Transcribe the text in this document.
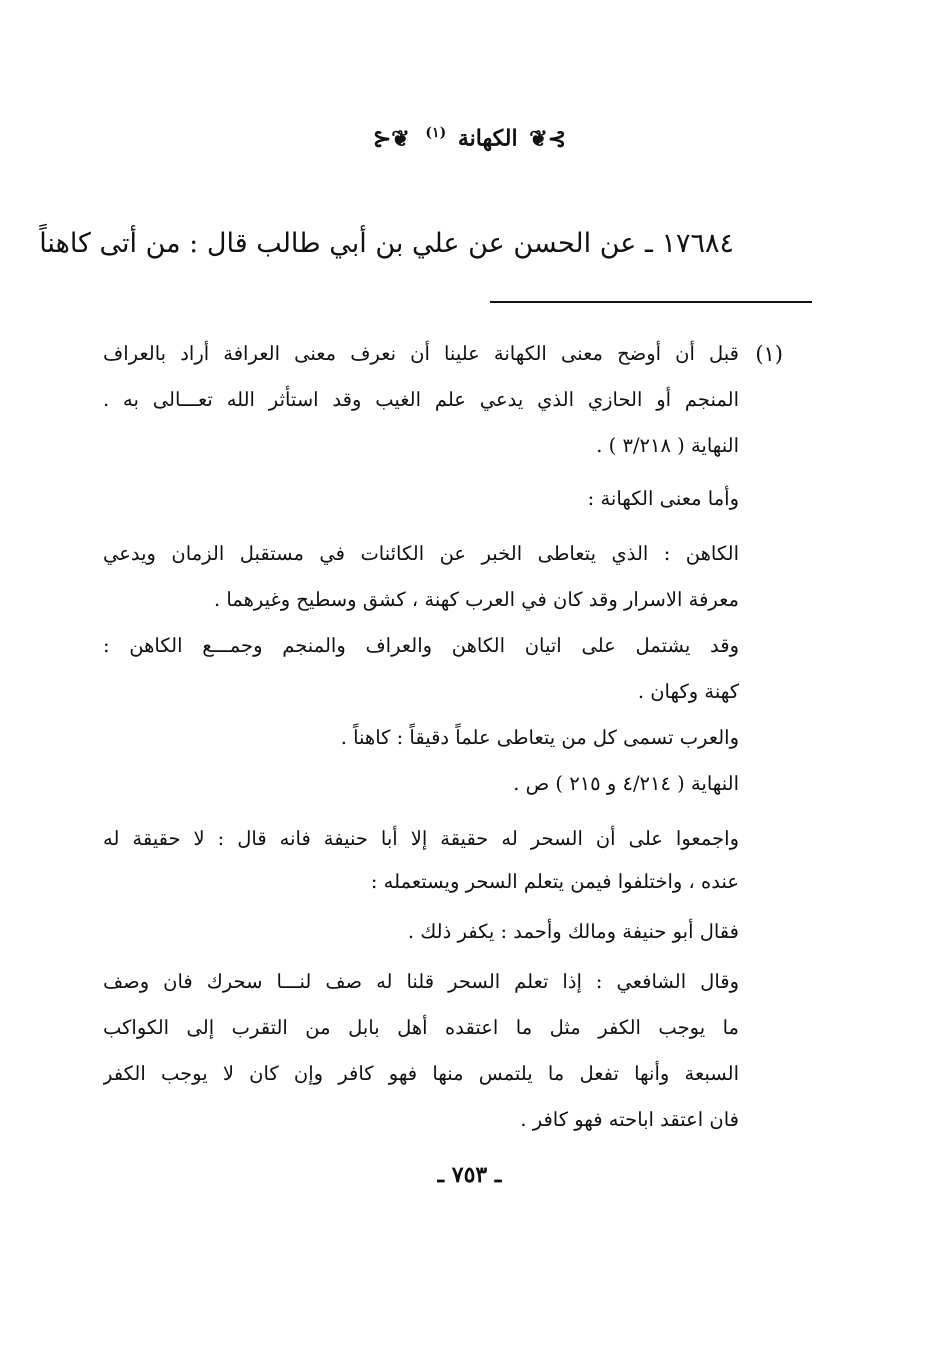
⊱❦ الكهانة $^{(١)}$ ❦⊰
١٧٦٨٤ ـ عن الحسن عن علي بن أبي طالب قال : من أتى كاهناً
(١)
قبل أن أوضح معنى الكهانة علينا أن نعرف معنى العرافة أراد بالعراف
المنجم أو الحازي الذي يدعي علم الغيب وقد استأثر الله تعـــالى به .
النهاية ( ٣/٢١٨ ) .
وأما معنى الكهانة :
الكاهن : الذي يتعاطى الخبر عن الكائنات في مستقبل الزمان ويدعي
معرفة الاسرار وقد كان في العرب كهنة ، كشق وسطيح وغيرهما .
وقد يشتمل على اتيان الكاهن والعراف والمنجم وجمـــع الكاهن :
كهنة وكهان .
والعرب تسمى كل من يتعاطى علماً دقيقاً : كاهناً .
النهاية ( ٤/٢١٤ و ٢١٥ ) ص .
واجمعوا على أن السحر له حقيقة إلا أبا حنيفة فانه قال : لا حقيقة له
عنده ، واختلفوا فيمن يتعلم السحر ويستعمله :
فقال أبو حنيفة ومالك وأحمد : يكفر ذلك .
وقال الشافعي : إذا تعلم السحر قلنا له صف لنـــا سحرك فان وصف
ما يوجب الكفر مثل ما اعتقده أهل بابل من التقرب إلى الكواكب
السبعة وأنها تفعل ما يلتمس منها فهو كافر وإن كان لا يوجب الكفر
فان اعتقد اباحته فهو كافر .
ـ ٧٥٣ ـ
